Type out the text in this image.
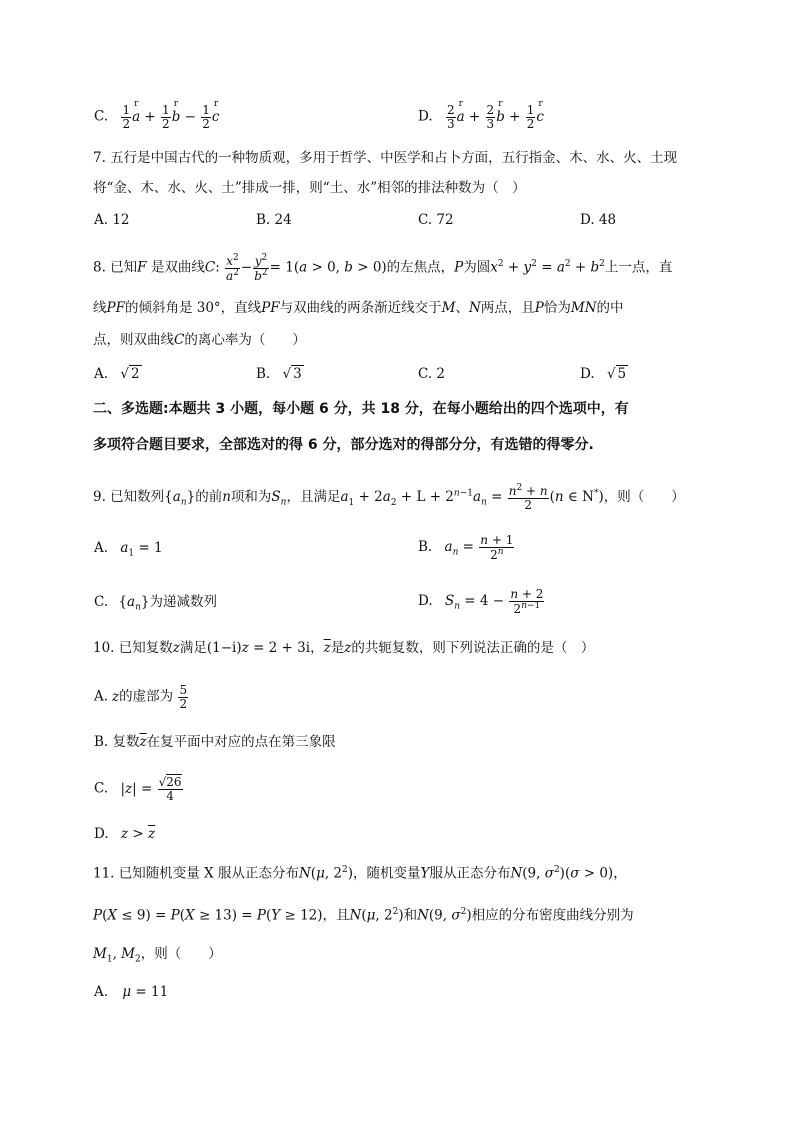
C. $\frac{1}{2}$ r $a + \frac{1}{2}$ r $b - \frac{1}{2}$ r c	D. $\frac{2}{3}$ r $a + \frac{2}{3}$ r $b + \frac{1}{2}$ r c
7. 五行是中国古代的一种物质观，多用于哲学、中医学和占卜方面，五行指金、木、水、火、土现
将“金、木、水、火、土”排成一排，则“土、水”相邻的排法种数为（　）
A. 12	B. 24	C. 72	D. 48
8. 已知F 是双曲线C: $\frac{x^2}{a^2} - \frac{y^2}{b^2} = 1(a > 0$, b > 0)的左焦点，P为圆$x^2 + y^2 = a^2 + b^2$上一点，直
线PF的倾斜角是 30°，直线PF与双曲线的两条渐近线交于M、N两点，且P恰为MN的中
点，则双曲线C的离心率为（　　）
A. √ 2	B. √ 3	C. 2	D. √ 5
二、多选题:本题共 3 小题，每小题 6 分，共 18 分，在每小题给出的四个选项中，有
多项符合题目要求，全部选对的得 6 分，部分选对的得部分分，有选错的得零分.
9. 已知数列$\{a_n\}$的前n项和为$S_n$，且满足$a_1 + 2a_2 + L + 2^{n-1}a_n = \frac{n^2 + n}{2} (n$ ∈ N*)，则（　　）
A. $a_1 = 1$	B. $a_n = \frac{n + 1}{2^n}$
C. $\{a_n\}$为递减数列	D. $S_n = 4 - \frac{n + 2}{2^{n-1}}$
10. 已知复数z满足(1−i)z = 2 + 3i，$\overline{z}$是z的共轭复数，则下列说法正确的是（　）
A. z的虚部为 $\frac{5}{2}$
B. 复数$\overline{z}$在复平面中对应的点在第三象限
C. $|z| = \frac{√26}{4}$
D. $z > \overline{z}$
11. 已知随机变量 X 服从正态分布N(μ, $2^2$)，随机变量Y服从正态分布N(9, $\sigma^2)(\sigma > 0)$，
P(X ≤ 9) = P(X ≥ 13) = P(Y ≥ 12)，且N(μ, $2^2$)和N(9, $\sigma^2$)相应的分布密度曲线分别为
$M_1$, $M_2$，则（　　）
A. μ = 11
